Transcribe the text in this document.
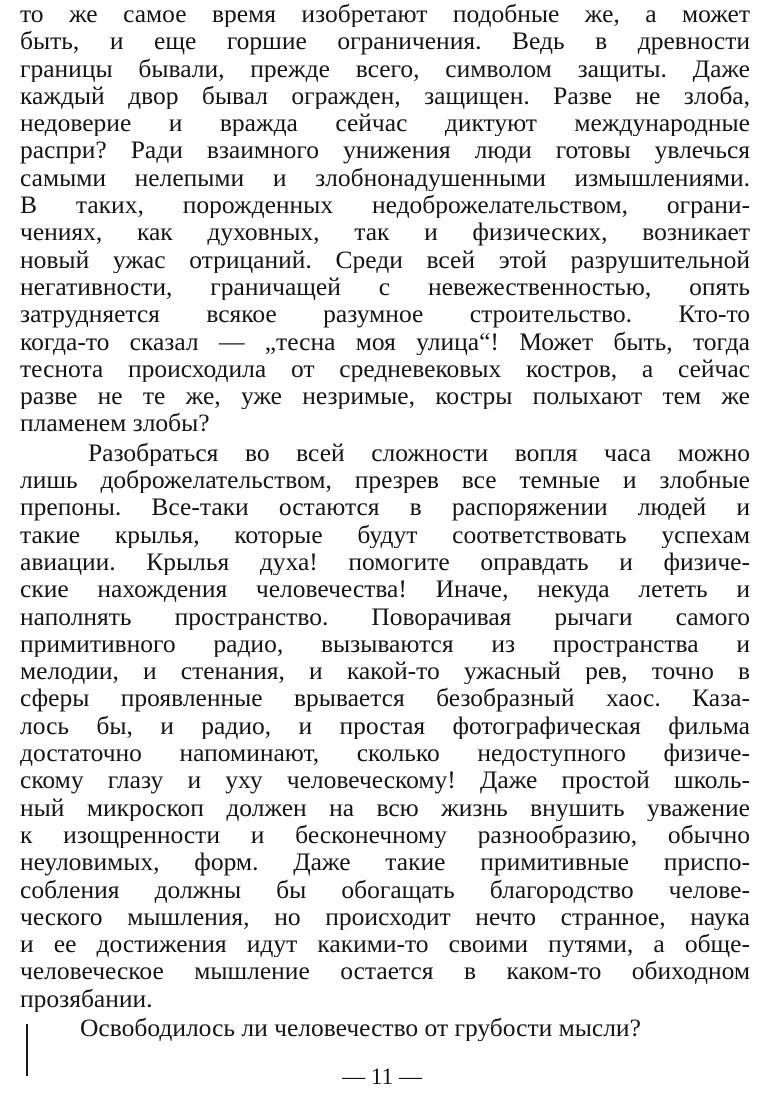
то же самое время изобретают подобные же, а может
быть, и еще горшие ограничения. Ведь в древности
границы бывали, прежде всего, символом защиты. Даже
каждый двор бывал огражден, защищен. Разве не злоба,
недоверие и вражда сейчас диктуют международные
распри? Ради взаимного унижения люди готовы увлечься
самыми нелепыми и злобнонадушенными измышлениями.
В таких, порожденных недоброжелательством, ограни-
чениях, как духовных, так и физических, возникает
новый ужас отрицаний. Среди всей этой разрушительной
негативности, граничащей с невежественностью, опять
затрудняется всякое разумное строительство. Кто-то
когда-то сказал — „тесна моя улица“! Может быть, тогда
теснота происходила от средневековых костров, а сейчас
разве не те же, уже незримые, костры полыхают тем же
пламенем злобы?
Разобраться во всей сложности вопля часа можно
лишь доброжелательством, презрев все темные и злобные
препоны. Все-таки остаются в распоряжении людей и
такие крылья, которые будут соответствовать успехам
авиации. Крылья духа! помогите оправдать и физиче-
ские нахождения человечества! Иначе, некуда лететь и
наполнять пространство. Поворачивая рычаги самого
примитивного радио, вызываются из пространства и
мелодии, и стенания, и какой-то ужасный рев, точно в
сферы проявленные врывается безобразный хаос. Каза-
лось бы, и радио, и простая фотографическая фильма
достаточно напоминают, сколько недоступного физиче-
скому глазу и уху человеческому! Даже простой школь-
ный микроскоп должен на всю жизнь внушить уважение
к изощренности и бесконечному разнообразию, обычно
неуловимых, форм. Даже такие примитивные приспо-
собления должны бы обогащать благородство челове-
ческого мышления, но происходит нечто странное, наука
и ее достижения идут какими-то своими путями, а обще-
человеческое мышление остается в каком-то обиходном
прозябании.
Освободилось ли человечество от грубости мысли?
— 11 —
